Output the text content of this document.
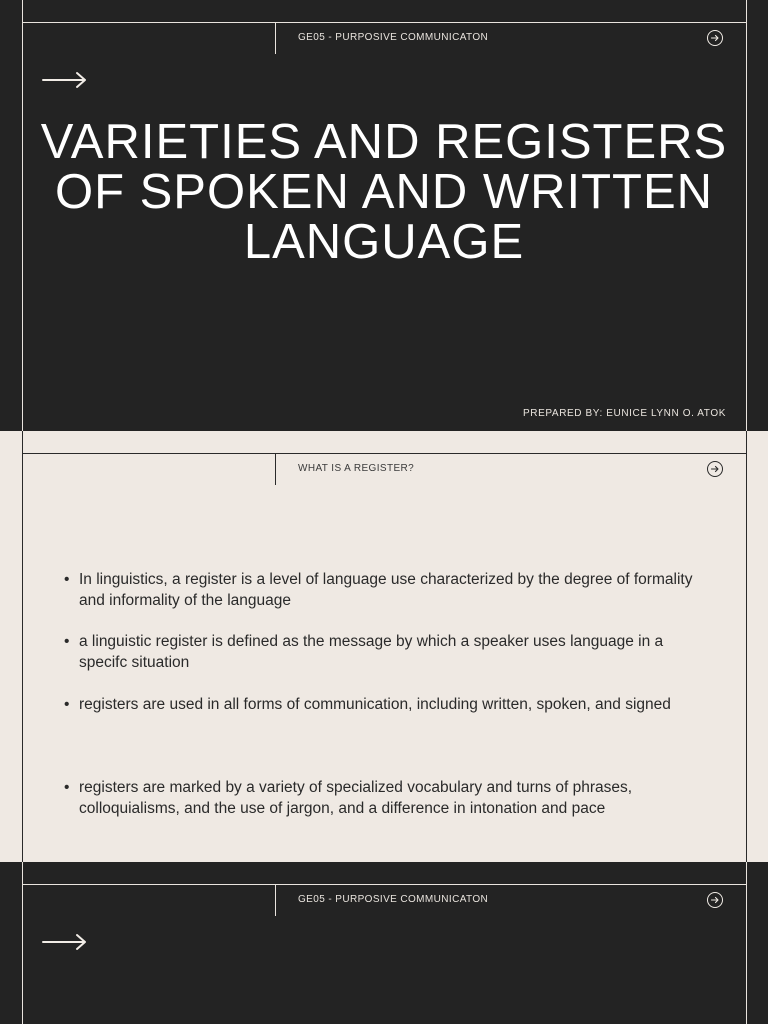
GE05 - PURPOSIVE COMMUNICATON
VARIETIES AND REGISTERS OF SPOKEN AND WRITTEN LANGUAGE
PREPARED BY: EUNICE LYNN O. ATOK
WHAT IS A REGISTER?
• In linguistics, a register is a level of language use characterized by the degree of formality and informality of the language
• a linguistic register is defined as the message by which a speaker uses language in a specifc situation
• registers are used in all forms of communication, including written, spoken, and signed
• registers are marked by a variety of specialized vocabulary and turns of phrases, colloquialisms, and the use of jargon, and a difference in intonation and pace
GE05 - PURPOSIVE COMMUNICATON
